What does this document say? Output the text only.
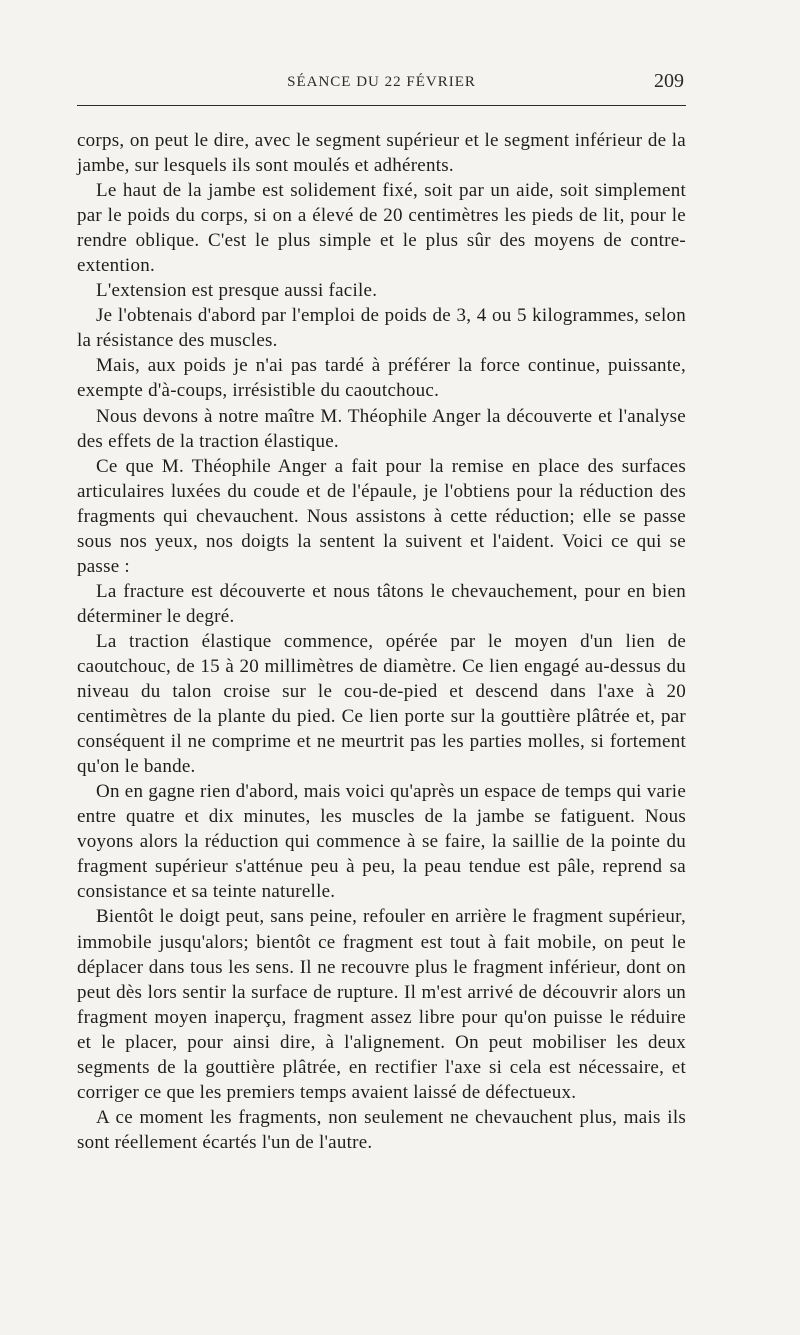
SÉANCE DU 22 FÉVRIER	209

corps, on peut le dire, avec le segment supérieur et le segment inférieur de la jambe, sur lesquels ils sont moulés et adhérents.

Le haut de la jambe est solidement fixé, soit par un aide, soit simplement par le poids du corps, si on a élevé de 20 centimètres les pieds de lit, pour le rendre oblique. C'est le plus simple et le plus sûr des moyens de contre-extention.

L'extension est presque aussi facile.

Je l'obtenais d'abord par l'emploi de poids de 3, 4 ou 5 kilogrammes, selon la résistance des muscles.

Mais, aux poids je n'ai pas tardé à préférer la force continue, puissante, exempte d'à-coups, irrésistible du caoutchouc.

Nous devons à notre maître M. Théophile Anger la découverte et l'analyse des effets de la traction élastique.

Ce que M. Théophile Anger a fait pour la remise en place des surfaces articulaires luxées du coude et de l'épaule, je l'obtiens pour la réduction des fragments qui chevauchent. Nous assistons à cette réduction; elle se passe sous nos yeux, nos doigts la sentent la suivent et l'aident. Voici ce qui se passe :

La fracture est découverte et nous tâtons le chevauchement, pour en bien déterminer le degré.

La traction élastique commence, opérée par le moyen d'un lien de caoutchouc, de 15 à 20 millimètres de diamètre. Ce lien engagé au-dessus du niveau du talon croise sur le cou-de-pied et descend dans l'axe à 20 centimètres de la plante du pied. Ce lien porte sur la gouttière plâtrée et, par conséquent il ne comprime et ne meurtrit pas les parties molles, si fortement qu'on le bande.

On en gagne rien d'abord, mais voici qu'après un espace de temps qui varie entre quatre et dix minutes, les muscles de la jambe se fatiguent. Nous voyons alors la réduction qui commence à se faire, la saillie de la pointe du fragment supérieur s'atténue peu à peu, la peau tendue est pâle, reprend sa consistance et sa teinte naturelle.

Bientôt le doigt peut, sans peine, refouler en arrière le fragment supérieur, immobile jusqu'alors; bientôt ce fragment est tout à fait mobile, on peut le déplacer dans tous les sens. Il ne recouvre plus le fragment inférieur, dont on peut dès lors sentir la surface de rupture. Il m'est arrivé de découvrir alors un fragment moyen inaperçu, fragment assez libre pour qu'on puisse le réduire et le placer, pour ainsi dire, à l'alignement. On peut mobiliser les deux segments de la gouttière plâtrée, en rectifier l'axe si cela est nécessaire, et corriger ce que les premiers temps avaient laissé de défectueux.

A ce moment les fragments, non seulement ne chevauchent plus, mais ils sont réellement écartés l'un de l'autre.
